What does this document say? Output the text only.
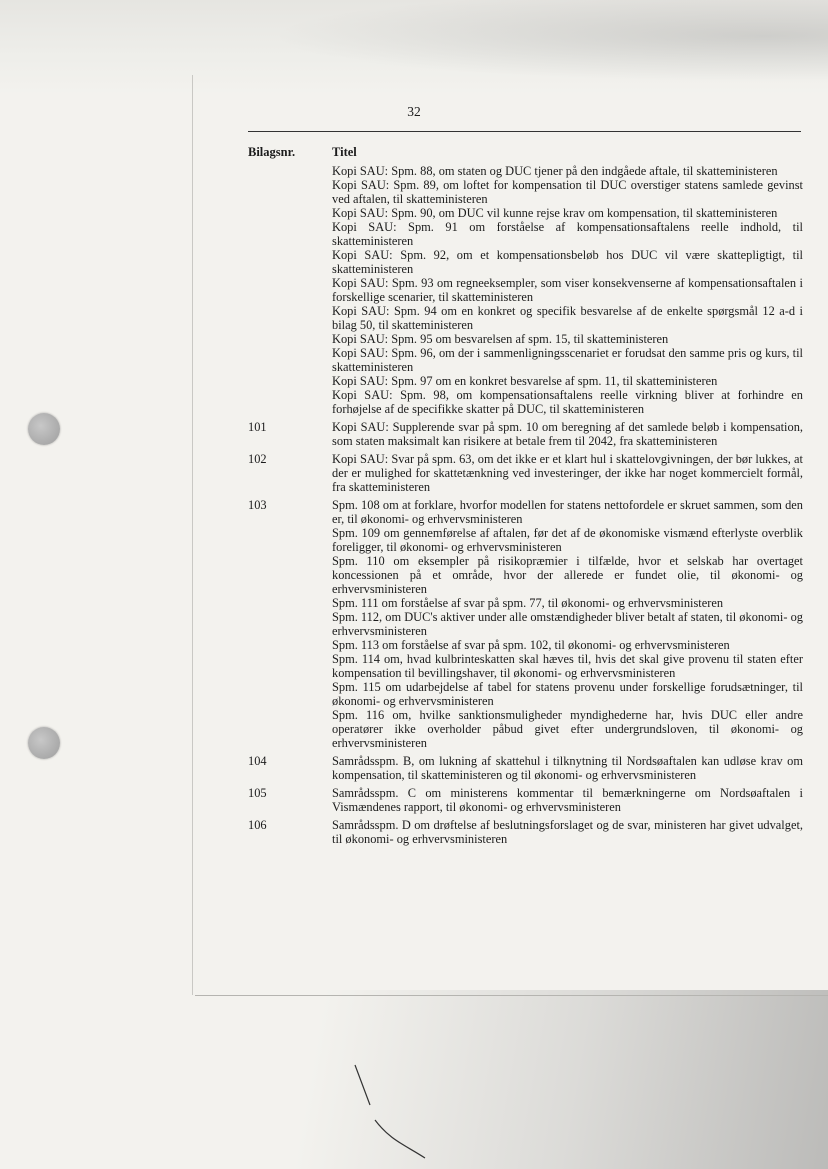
32
Bilagsnr.	Titel

Kopi SAU: Spm. 88, om staten og DUC tjener på den indgåede aftale, til skatteministeren

Kopi SAU: Spm. 89, om loftet for kompensation til DUC overstiger statens samlede gevinst ved aftalen, til skatteministeren

Kopi SAU: Spm. 90, om DUC vil kunne rejse krav om kompensation, til skatteministeren

Kopi SAU: Spm. 91 om forståelse af kompensationsaftalens reelle indhold, til skatteministeren

Kopi SAU: Spm. 92, om et kompensationsbeløb hos DUC vil være skattepligtigt, til skatteministeren

Kopi SAU: Spm. 93 om regneeksempler, som viser konsekvenserne af kompensationsaftalen i forskellige scenarier, til skatteministeren

Kopi SAU: Spm. 94 om en konkret og specifik besvarelse af de enkelte spørgsmål 12 a-d i bilag 50, til skatteministeren

Kopi SAU: Spm. 95 om besvarelsen af spm. 15, til skatteministeren

Kopi SAU: Spm. 96, om der i sammenligningsscenariet er forudsat den samme pris og kurs, til skatteministeren

Kopi SAU: Spm. 97 om en konkret besvarelse af spm. 11, til skatteministeren

Kopi SAU: Spm. 98, om kompensationsaftalens reelle virkning bliver at forhindre en forhøjelse af de specifikke skatter på DUC, til skatteministeren

101	Kopi SAU: Supplerende svar på spm. 10 om beregning af det samlede beløb i kompensation, som staten maksimalt kan risikere at betale frem til 2042, fra skatteministeren

102	Kopi SAU: Svar på spm. 63, om det ikke er et klart hul i skattelovgivningen, der bør lukkes, at der er mulighed for skattetænkning ved investeringer, der ikke har noget kommercielt formål, fra skatteministeren

103	Spm. 108 om at forklare, hvorfor modellen for statens nettofordele er skruet sammen, som den er, til økonomi- og erhvervsministeren

Spm. 109 om gennemførelse af aftalen, før det af de økonomiske vismænd efterlyste overblik foreligger, til økonomi- og erhvervsministeren

Spm. 110 om eksempler på risikopræmier i tilfælde, hvor et selskab har overtaget koncessionen på et område, hvor der allerede er fundet olie, til økonomi- og erhvervsministeren

Spm. 111 om forståelse af svar på spm. 77, til økonomi- og erhvervsministeren

Spm. 112, om DUC's aktiver under alle omstændigheder bliver betalt af staten, til økonomi- og erhvervsministeren

Spm. 113 om forståelse af svar på spm. 102, til økonomi- og erhvervsministeren

Spm. 114 om, hvad kulbrinteskatten skal hæves til, hvis det skal give provenu til staten efter kompensation til bevillingshaver, til økonomi- og erhvervsministeren

Spm. 115 om udarbejdelse af tabel for statens provenu under forskellige forudsætninger, til økonomi- og erhvervsministeren

Spm. 116 om, hvilke sanktionsmuligheder myndighederne har, hvis DUC eller andre operatører ikke overholder påbud givet efter undergrundsloven, til økonomi- og erhvervsministeren

104	Samrådsspm. B, om lukning af skattehul i tilknytning til Nordsøaftalen kan udløse krav om kompensation, til skatteministeren og til økonomi- og erhvervsministeren

105	Samrådsspm. C om ministerens kommentar til bemærkningerne om Nordsøaftalen i Vismændenes rapport, til økonomi- og erhvervsministeren

106	Samrådsspm. D om drøftelse af beslutningsforslaget og de svar, ministeren har givet udvalget, til økonomi- og erhvervsministeren
